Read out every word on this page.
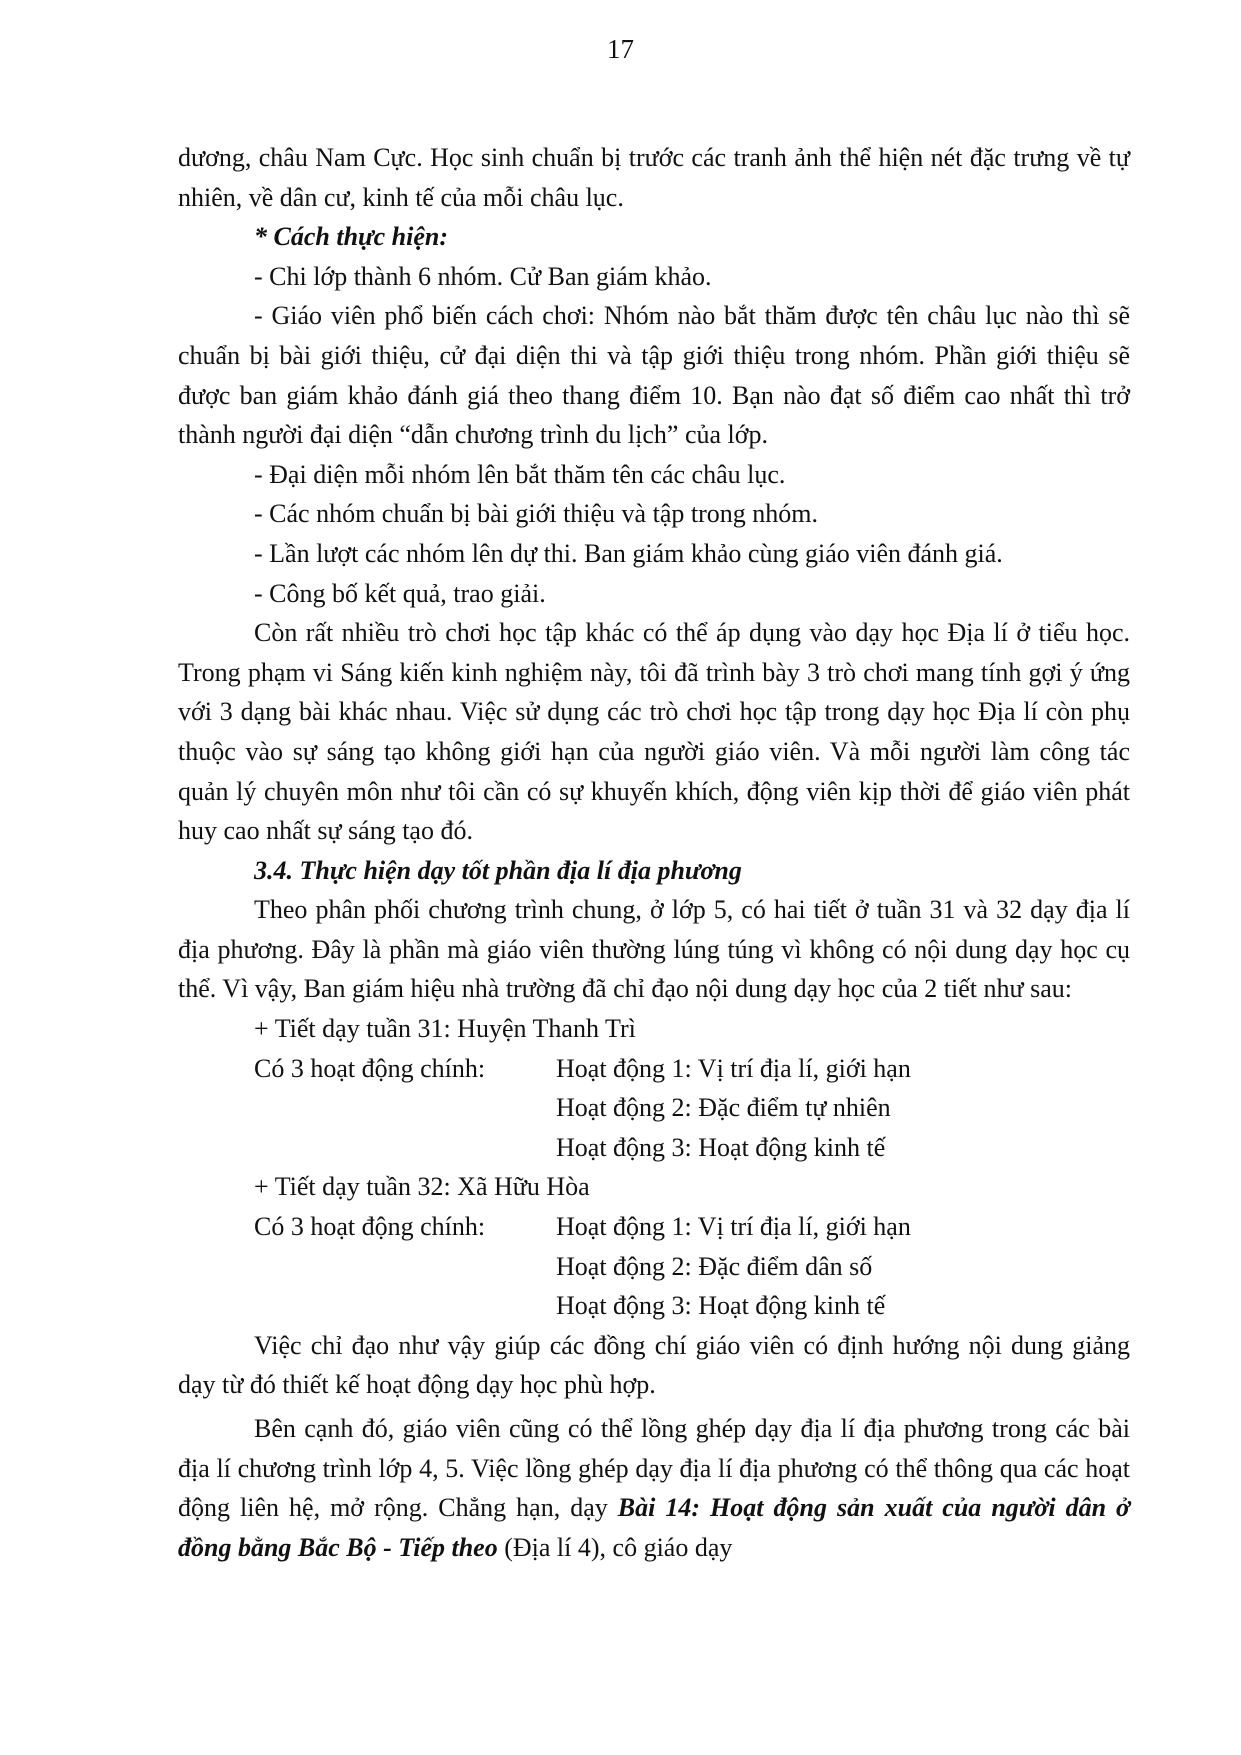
17

dương, châu Nam Cực. Học sinh chuẩn bị trước các tranh ảnh thể hiện nét đặc trưng về tự nhiên, về dân cư, kinh tế của mỗi châu lục.

* Cách thực hiện:

- Chi lớp thành 6 nhóm. Cử Ban giám khảo.

- Giáo viên phổ biến cách chơi: Nhóm nào bắt thăm được tên châu lục nào thì sẽ chuẩn bị bài giới thiệu, cử đại diện thi và tập giới thiệu trong nhóm. Phần giới thiệu sẽ được ban giám khảo đánh giá theo thang điểm 10. Bạn nào đạt số điểm cao nhất thì trở thành người đại diện “dẫn chương trình du lịch” của lớp.

- Đại diện mỗi nhóm lên bắt thăm tên các châu lục.

- Các nhóm chuẩn bị bài giới thiệu và tập trong nhóm.

- Lần lượt các nhóm lên dự thi. Ban giám khảo cùng giáo viên đánh giá.

- Công bố kết quả, trao giải.

Còn rất nhiều trò chơi học tập khác có thể áp dụng vào dạy học Địa lí ở tiểu học. Trong phạm vi Sáng kiến kinh nghiệm này, tôi đã trình bày 3 trò chơi mang tính gợi ý ứng với 3 dạng bài khác nhau. Việc sử dụng các trò chơi học tập trong dạy học Địa lí còn phụ thuộc vào sự sáng tạo không giới hạn của người giáo viên. Và mỗi người làm công tác quản lý chuyên môn như tôi cần có sự khuyến khích, động viên kịp thời để giáo viên phát huy cao nhất sự sáng tạo đó.

3.4. Thực hiện dạy tốt phần địa lí địa phương

Theo phân phối chương trình chung, ở lớp 5, có hai tiết ở tuần 31 và 32 dạy địa lí địa phương. Đây là phần mà giáo viên thường lúng túng vì không có nội dung dạy học cụ thể. Vì vậy, Ban giám hiệu nhà trường đã chỉ đạo nội dung dạy học của 2 tiết như sau:

+ Tiết dạy tuần 31: Huyện Thanh Trì

Có 3 hoạt động chính:	Hoạt động 1: Vị trí địa lí, giới hạn
Hoạt động 2: Đặc điểm tự nhiên
Hoạt động 3: Hoạt động kinh tế

+ Tiết dạy tuần 32: Xã Hữu Hòa

Có 3 hoạt động chính:	Hoạt động 1: Vị trí địa lí, giới hạn
Hoạt động 2: Đặc điểm dân số
Hoạt động 3: Hoạt động kinh tế

Việc chỉ đạo như vậy giúp các đồng chí giáo viên có định hướng nội dung giảng dạy từ đó thiết kế hoạt động dạy học phù hợp.

Bên cạnh đó, giáo viên cũng có thể lồng ghép dạy địa lí địa phương trong các bài địa lí chương trình lớp 4, 5. Việc lồng ghép dạy địa lí địa phương có thể thông qua các hoạt động liên hệ, mở rộng. Chẳng hạn, dạy Bài 14: Hoạt động sản xuất của người dân ở đồng bằng Bắc Bộ - Tiếp theo (Địa lí 4), cô giáo dạy
